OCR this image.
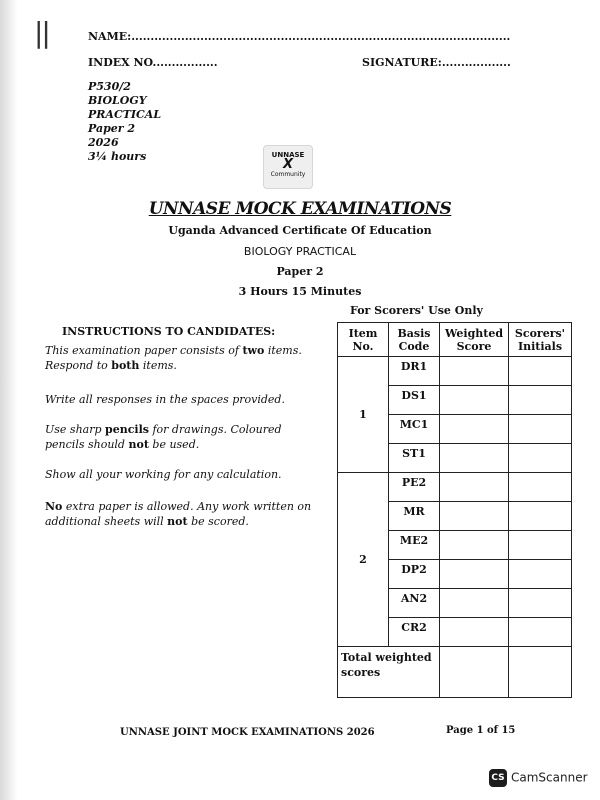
||	NAME:...................................................................................................
INDEX NO.................	SIGNATURE:..................
P530/2
BIOLOGY
PRACTICAL
Paper 2
2026
3¼ hours	UNNASE
X
Community
UNNASE MOCK EXAMINATIONS
Uganda Advanced Certificate Of Education
BIOLOGY PRACTICAL
Paper 2
3 Hours 15 Minutes
For Scorers' Use Only
INSTRUCTIONS TO CANDIDATES:
This examination paper consists of two items. Respond to both items.
Write all responses in the spaces provided.
Use sharp pencils for drawings. Coloured pencils should not be used.
Show all your working for any calculation.
No extra paper is allowed. Any work written on additional sheets will not be scored.
Item No.	Basis Code	Weighted Score	Scorers' Initials
1	DR1		
	DS1		
	MC1		
	ST1		
2	PE2		
	MR		
	ME2		
	DP2		
	AN2		
	CR2		
Total weighted scores			
UNNASE JOINT MOCK EXAMINATIONS 2026	Page 1 of 15
CS CamScanner
